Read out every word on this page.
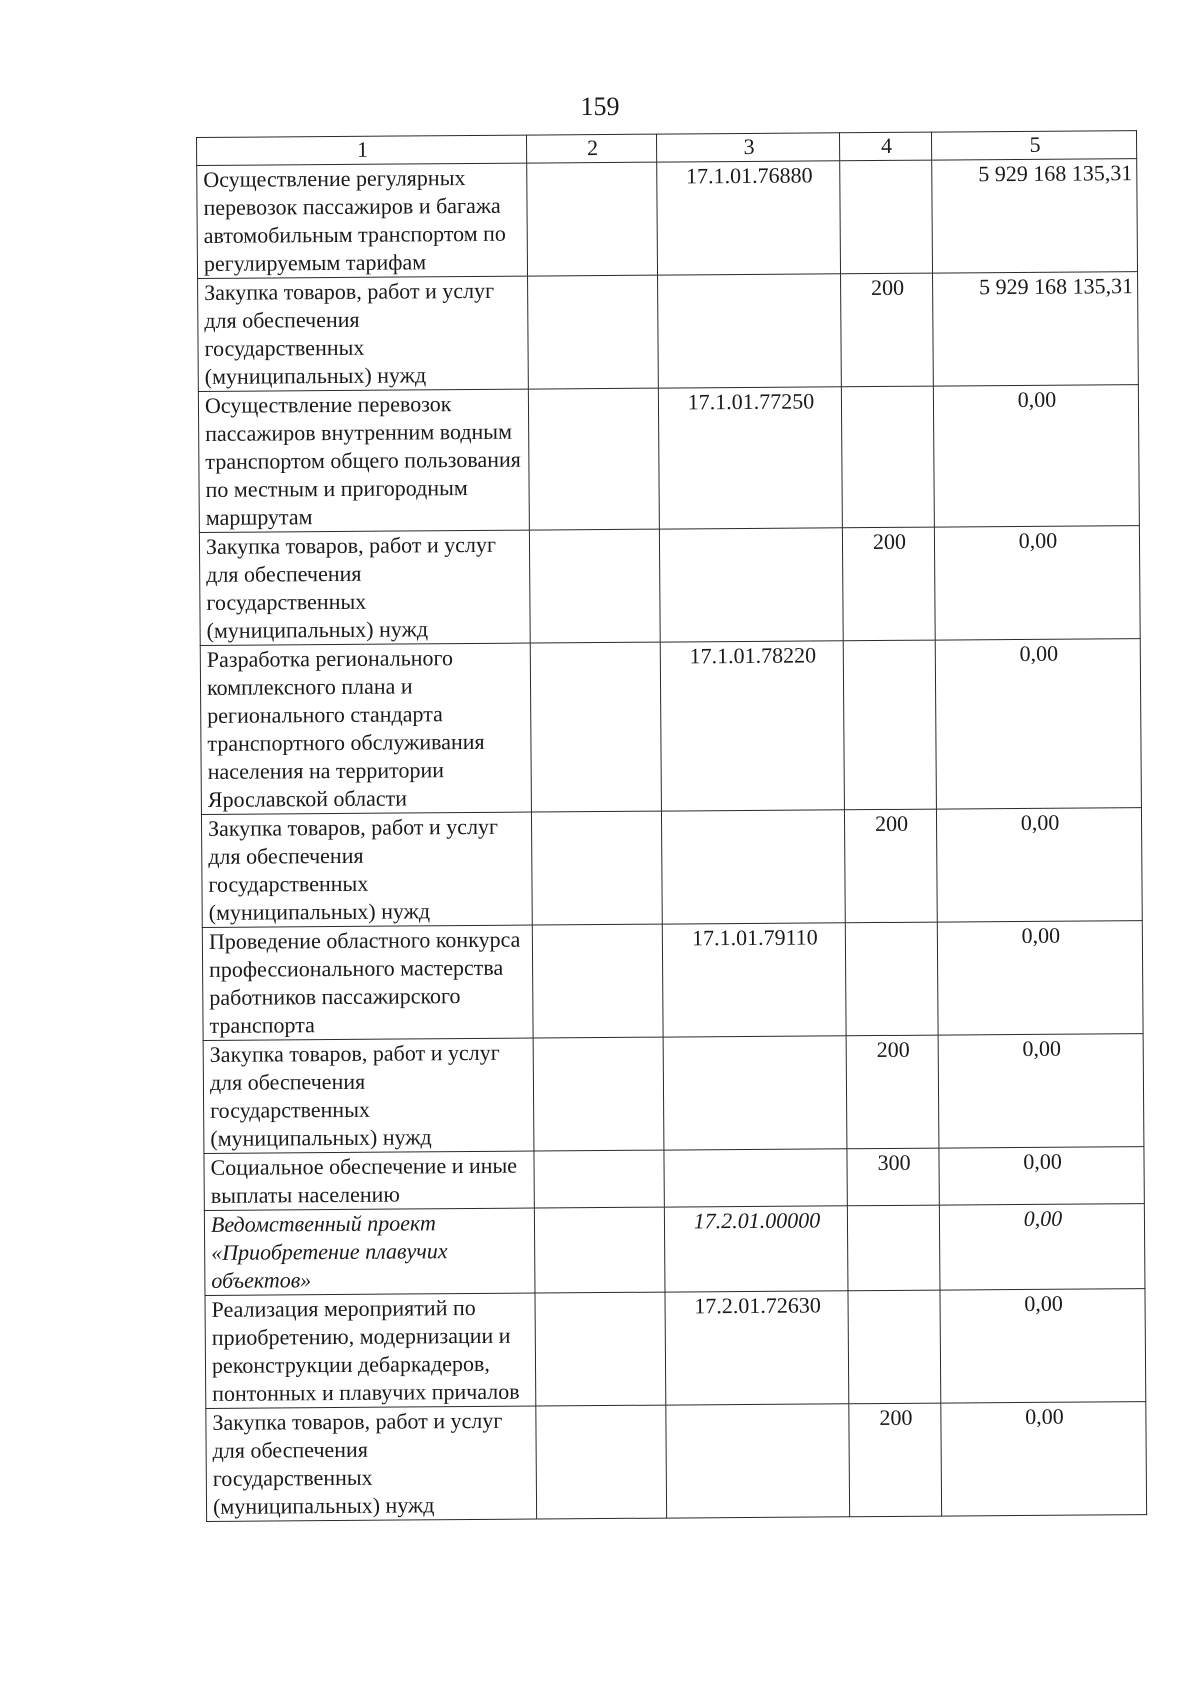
159
1	2	3	4	5
Осуществление регулярных перевозок пассажиров и багажа автомобильным транспортом по регулируемым тарифам		17.1.01.76880		5 929 168 135,31
Закупка товаров, работ и услуг для обеспечения государственных (муниципальных) нужд			200	5 929 168 135,31
Осуществление перевозок пассажиров внутренним водным транспортом общего пользования по местным и пригородным маршрутам		17.1.01.77250		0,00
Закупка товаров, работ и услуг для обеспечения государственных (муниципальных) нужд			200	0,00
Разработка регионального комплексного плана и регионального стандарта транспортного обслуживания населения на территории Ярославской области		17.1.01.78220		0,00
Закупка товаров, работ и услуг для обеспечения государственных (муниципальных) нужд			200	0,00
Проведение областного конкурса профессионального мастерства работников пассажирского транспорта		17.1.01.79110		0,00
Закупка товаров, работ и услуг для обеспечения государственных (муниципальных) нужд			200	0,00
Социальное обеспечение и иные выплаты населению			300	0,00
Ведомственный проект «Приобретение плавучих объектов»		17.2.01.00000		0,00
Реализация мероприятий по приобретению, модернизации и реконструкции дебаркадеров, понтонных и плавучих причалов		17.2.01.72630		0,00
Закупка товаров, работ и услуг для обеспечения государственных (муниципальных) нужд			200	0,00
